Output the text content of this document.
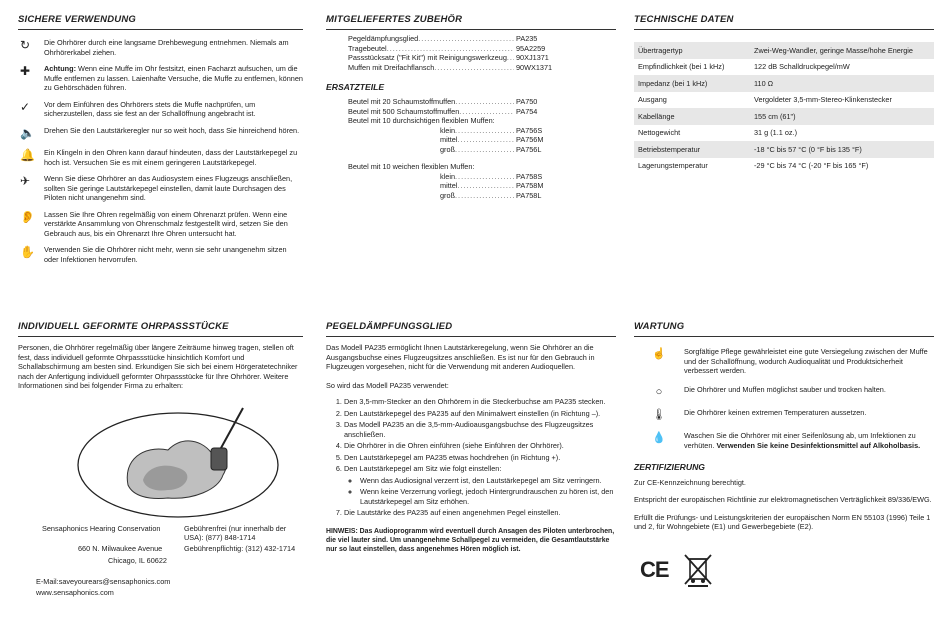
SICHERE VERWENDUNG
↻	Die Ohrhörer durch eine langsame Drehbewegung entnehmen. Niemals am Ohrhörerkabel ziehen.
✚	Achtung: Wenn eine Muffe im Ohr festsitzt, einen Facharzt aufsuchen, um die Muffe entfernen zu lassen. Laienhafte Versuche, die Muffe zu entfernen, können zu Gehörschäden führen.
✓	Vor dem Einführen des Ohrhörers stets die Muffe nachprüfen, um sicherzustellen, dass sie fest an der Schallöffnung angebracht ist.
🔈	Drehen Sie den Lautstärkeregler nur so weit hoch, dass Sie hinreichend hören.
🔔	Ein Klingeln in den Ohren kann darauf hindeuten, dass der Lautstärkepegel zu hoch ist. Versuchen Sie es mit einem geringeren Lautstärkepegel.
✈	Wenn Sie diese Ohrhörer an das Audiosystem eines Flugzeugs anschließen, sollten Sie geringe Lautstärkepegel einstellen, damit laute Durchsagen des Piloten nicht unangenehm sind.
👂	Lassen Sie Ihre Ohren regelmäßig von einem Ohrenarzt prüfen. Wenn eine verstärkte Ansammlung von Ohrenschmalz festgestellt wird, setzen Sie den Gebrauch aus, bis ein Ohrenarzt Ihre Ohren untersucht hat.
✋	Verwenden Sie die Ohrhörer nicht mehr, wenn sie sehr unangenehm sitzen oder Infektionen hervorrufen.
INDIVIDUELL GEFORMTE OHRPASSSTÜCKE
Personen, die Ohrhörer regelmäßig über längere Zeiträume hinweg tragen, stellen oft fest, dass individuell geformte Ohrpassstücke hinsichtlich Komfort und Schallabschirmung am besten sind. Erkundigen Sie sich bei einem Hörgeratetechniker nach der Anfertigung individuell geformter Ohrpassstücke für Ihre Ohrhörer. Weitere Informationen sind bei folgender Firma zu erhalten:
Sensaphonics Hearing Conservation
660 N. Milwaukee Avenue
Chicago, IL 60622
Gebührenfrei (nur innerhalb der USA): (877) 848-1714
Gebührenpflichtig: (312) 432-1714
E-Mail:saveyourears@sensaphonics.com
www.sensaphonics.com
MITGELIEFERTES ZUBEHÖR
Pegeldämpfungsglied .....	PA235
Tragebeutel .....	95A2259
Passstücksatz ("Fit Kit") mit Reinigungswerkzeug ..... 90XJ1371
Muffen mit Dreifachflansch .....	90WX1371
ERSATZTEILE
Beutel mit 20 Schaumstoffmuffen .....	PA750
Beutel mit 500 Schaumstoffmuffen .....	PA754
Beutel mit 10 durchsichtigen flexiblen Muffen:
klein .....	PA756S
mittel .....	PA756M
groß .....	PA756L
Beutel mit 10 weichen flexiblen Muffen:
klein .....	PA758S
mittel .....	PA758M
groß .....	PA758L
PEGELDÄMPFUNGSGLIED
Das Modell PA235 ermöglicht Ihnen Lautstärkeregelung, wenn Sie Ohrhörer an die Ausgangsbuchse eines Flugzeugsitzes anschließen. Es ist nur für den Gebrauch in Flugzeugen vorgesehen, nicht für die Verwendung mit anderen Audioquellen.
So wird das Modell PA235 verwendet:
1. Den 3,5-mm-Stecker an den Ohrhörern in die Steckerbuchse am PA235 stecken.
2. Den Lautstärkepegel des PA235 auf den Minimalwert einstellen (in Richtung –).
3. Das Modell PA235 an die 3,5-mm-Audioausgangsbuchse des Flugzeugsitzes anschließen.
4. Die Ohrhörer in die Ohren einführen (siehe Einführen der Ohrhörer).
5. Den Lautstärkepegel am PA235 etwas hochdrehen (in Richtung +).
6. Den Lautstärkepegel am Sitz wie folgt einstellen:
◦ Wenn das Audiosignal verzerrt ist, den Lautstärkepegel am Sitz verringern.
◦ Wenn keine Verzerrung vorliegt, jedoch Hintergrundrauschen zu hören ist, den Lautstärkepegel am Sitz erhöhen.
7. Die Lautstärke des PA235 auf einen angenehmen Pegel einstellen.
HINWEIS: Das Audioprogramm wird eventuell durch Ansagen des Piloten unterbrochen, die viel lauter sind. Um unangenehme Schallpegel zu vermeiden, die Gesamtlautstärke nur so laut einstellen, dass angenehmes Hören möglich ist.
TECHNISCHE DATEN
Übertragertyp	Zwei-Weg-Wandler, geringe Masse/hohe Energie
Empfindlichkeit (bei 1 kHz)	122 dB Schalldruckpegel/mW
Impedanz (bei 1 kHz)	110 Ω
Ausgang	Vergoldeter 3,5-mm-Stereo-Klinkenstecker
Kabellänge	155 cm (61")
Nettogewicht	31 g (1.1 oz.)
Betriebstemperatur	-18 °C bis 57 °C (0 °F bis 135 °F)
Lagerungstemperatur	-29 °C bis 74 °C (-20 °F bis 165 °F)
WARTUNG
☝	Sorgfältige Pflege gewährleistet eine gute Versiegelung zwischen der Muffe und der Schallöffnung, wodurch Audioqualität und Produktsicherheit verbessert werden.
○	Die Ohrhörer und Muffen möglichst sauber und trocken halten.
🌡	Die Ohrhörer keinen extremen Temperaturen aussetzen.
💧	Waschen Sie die Ohrhörer mit einer Seifenlösung ab, um Infektionen zu verhüten. Verwenden Sie keine Desinfektionsmittel auf Alkoholbasis.
ZERTIFIZIERUNG
Zur CE-Kennzeichnung berechtigt.
Entspricht der europäischen Richtlinie zur elektromagnetischen Verträglichkeit 89/336/EWG.
Erfüllt die Prüfungs- und Leistungskriterien der europäischen Norm EN 55103 (1996) Teile 1 und 2, für Wohngebiete (E1) und Gewerbegebiete (E2).
CE
